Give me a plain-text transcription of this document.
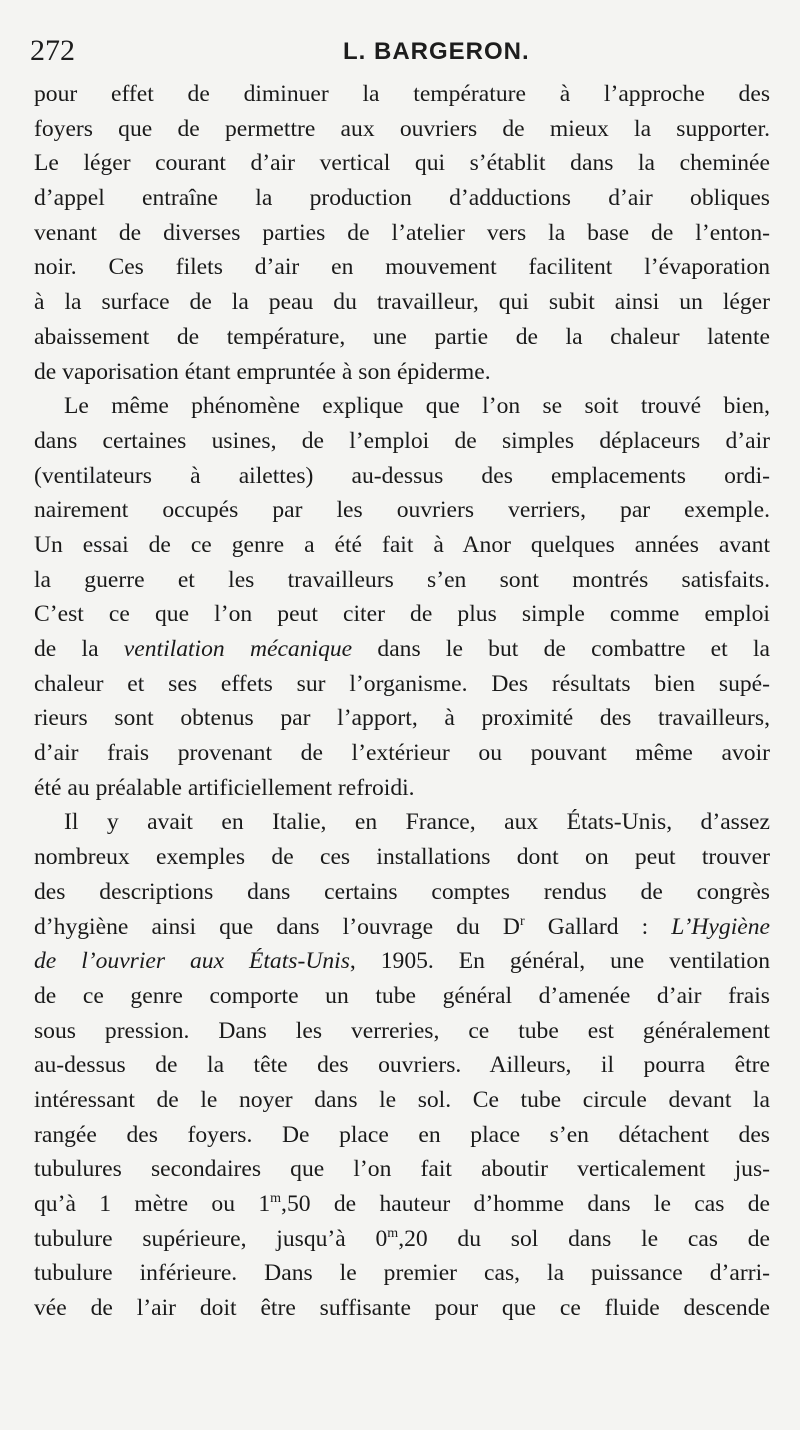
272	L. BARGERON.
pour effet de diminuer la température à l’approche des
foyers que de permettre aux ouvriers de mieux la supporter.
Le léger courant d’air vertical qui s’établit dans la cheminée
d’appel entraîne la production d’adductions d’air obliques
venant de diverses parties de l’atelier vers la base de l’enton-
noir. Ces filets d’air en mouvement facilitent l’évaporation
à la surface de la peau du travailleur, qui subit ainsi un léger
abaissement de température, une partie de la chaleur latente
de vaporisation étant empruntée à son épiderme.
Le même phénomène explique que l’on se soit trouvé bien,
dans certaines usines, de l’emploi de simples déplaceurs d’air
(ventilateurs à ailettes) au-dessus des emplacements ordi-
nairement occupés par les ouvriers verriers, par exemple.
Un essai de ce genre a été fait à Anor quelques années avant
la guerre et les travailleurs s’en sont montrés satisfaits.
C’est ce que l’on peut citer de plus simple comme emploi
de la ventilation mécanique dans le but de combattre et la
chaleur et ses effets sur l’organisme. Des résultats bien supé-
rieurs sont obtenus par l’apport, à proximité des travailleurs,
d’air frais provenant de l’extérieur ou pouvant même avoir
été au préalable artificiellement refroidi.
Il y avait en Italie, en France, aux États-Unis, d’assez
nombreux exemples de ces installations dont on peut trouver
des descriptions dans certains comptes rendus de congrès
d’hygiène ainsi que dans l’ouvrage du $D^r$ Gallard : L’Hygiène
de l’ouvrier aux États-Unis, 1905. En général, une ventilation
de ce genre comporte un tube général d’amenée d’air frais
sous pression. Dans les verreries, ce tube est généralement
au-dessus de la tête des ouvriers. Ailleurs, il pourra être
intéressant de le noyer dans le sol. Ce tube circule devant la
rangée des foyers. De place en place s’en détachent des
tubulures secondaires que l’on fait aboutir verticalement jus-
qu’à 1 mètre ou 1$^m$,50 de hauteur d’homme dans le cas de
tubulure supérieure, jusqu’à 0$^m$,20 du sol dans le cas de
tubulure inférieure. Dans le premier cas, la puissance d’arri-
vée de l’air doit être suffisante pour que ce fluide descende
